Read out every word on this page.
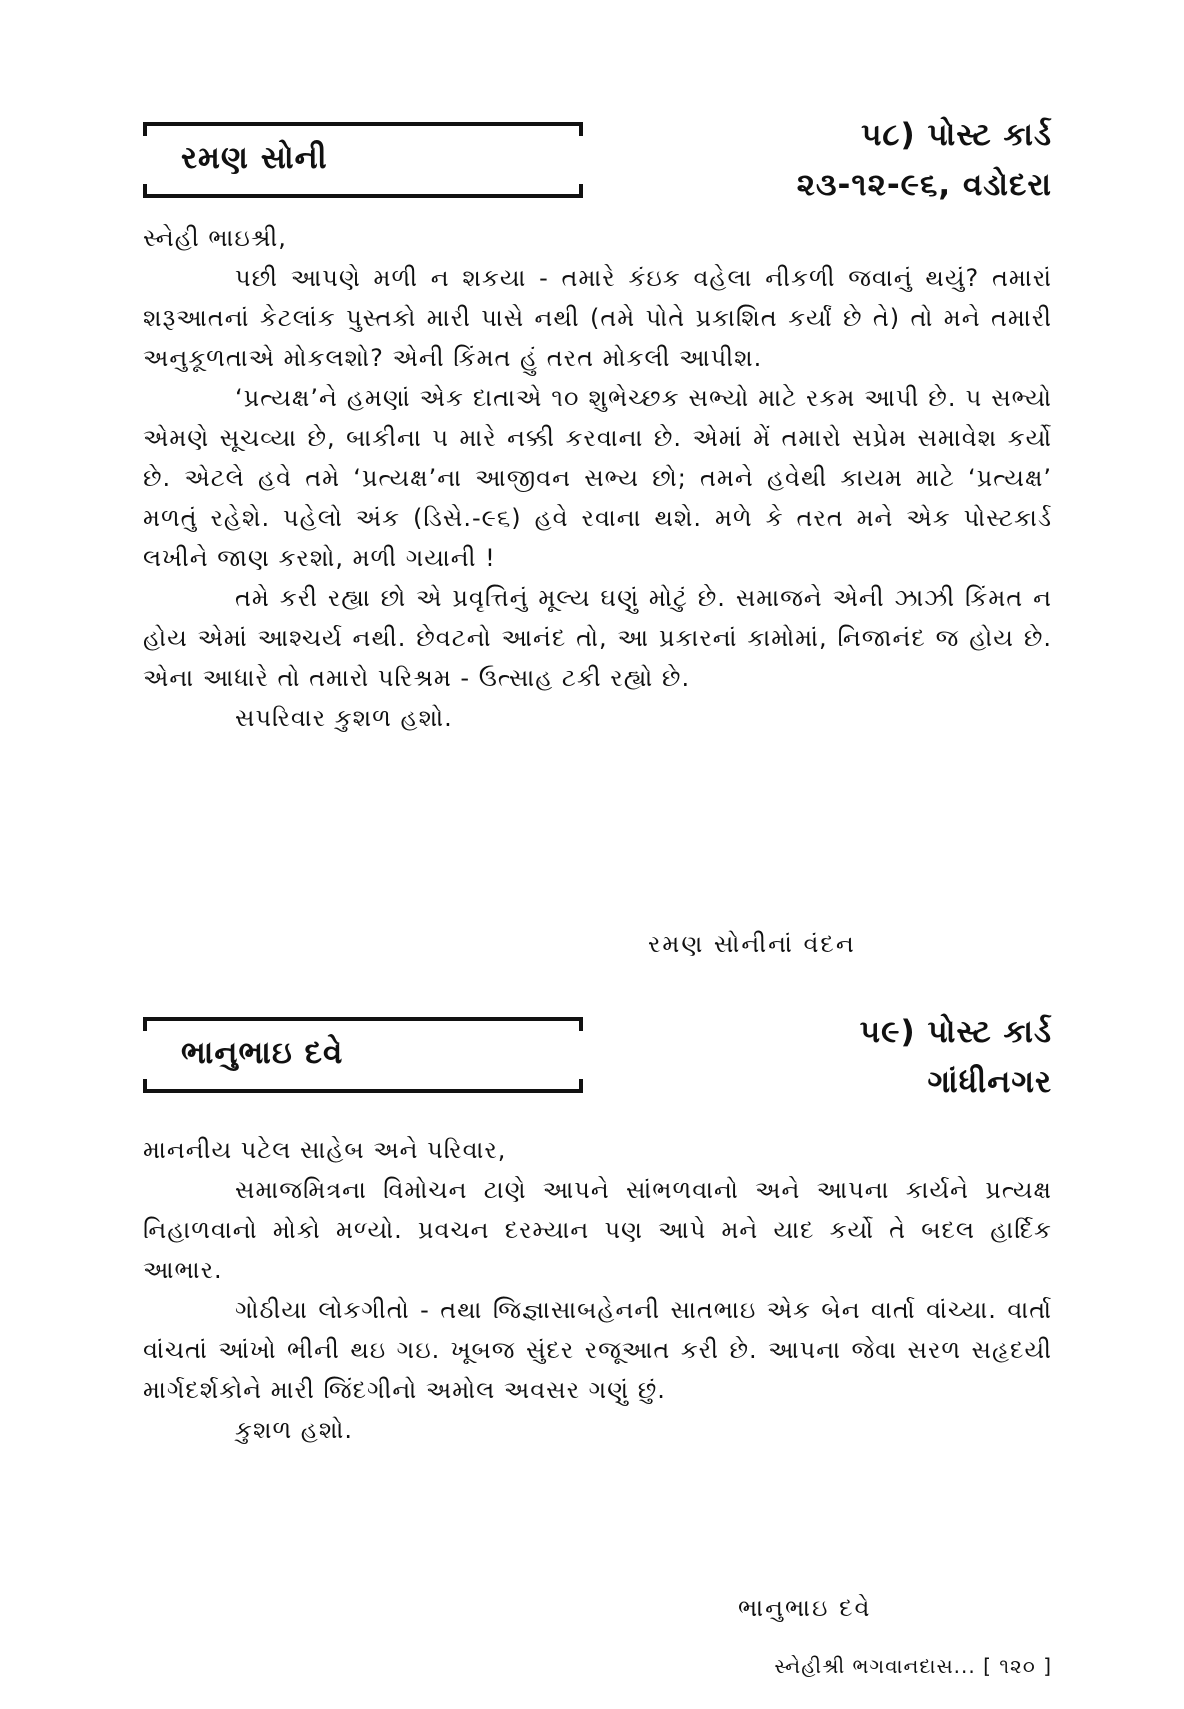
રમણ સોની
૫૮) પોસ્ટ કાર્ડ
૨૩-૧૨-૯૬, વડોદરા

સ્નેહી ભાઇશ્રી,

પછી આપણે મળી ન શકયા - તમારે કંઇક વહેલા નીકળી જવાનું થયું? તમારાં શરૂઆતનાં કેટલાંક પુસ્તકો મારી પાસે નથી (તમે પોતે પ્રકાશિત કર્યાં છે તે) તો મને તમારી અનુકૂળતાએ મોકલશો? એની કિંમત હું તરત મોકલી આપીશ.

‘પ્રત્યક્ષ’ને હમણાં એક દાતાએ ૧૦ શુભેચ્છક સભ્યો માટે રકમ આપી છે. ૫ સભ્યો એમણે સૂચવ્યા છે, બાકીના ૫ મારે નક્કી કરવાના છે. એમાં મેં તમારો સપ્રેમ સમાવેશ કર્યો છે. એટલે હવે તમે ‘પ્રત્યક્ષ’ના આજીવન સભ્ય છો; તમને હવેથી કાયમ માટે ‘પ્રત્યક્ષ’ મળતું રહેશે. પહેલો અંક (ડિસે.-૯૬) હવે રવાના થશે. મળે કે તરત મને એક પોસ્ટકાર્ડ લખીને જાણ કરશો, મળી ગયાની !

તમે કરી રહ્યા છો એ પ્રવૃત્તિનું મૂલ્ય ઘણું મોટું છે. સમાજને એની ઝાઝી કિંમત ન હોય એમાં આશ્ચર્ય નથી. છેવટનો આનંદ તો, આ પ્રકારનાં કામોમાં, નિજાનંદ જ હોય છે. એના આધારે તો તમારો પરિશ્રમ - ઉત્સાહ ટકી રહ્યો છે.

સપરિવાર કુશળ હશો.

રમણ સોનીનાં વંદન
ભાનુભાઇ દવે
૫૯) પોસ્ટ કાર્ડ
ગાંધીનગર

માનનીય પટેલ સાહેબ અને પરિવાર,

સમાજમિત્રના વિમોચન ટાણે આપને સાંભળવાનો અને આપના કાર્યને પ્રત્યક્ષ નિહાળવાનો મોકો મળ્યો. પ્રવચન દરમ્યાન પણ આપે મને યાદ કર્યો તે બદલ હાર્દિક આભાર.

ગોઠીયા લોકગીતો - તથા જિજ્ઞાસાબહેનની સાતભાઇ એક બેન વાર્તા વાંચ્યા. વાર્તા વાંચતાં આંખો ભીની થઇ ગઇ. ખૂબજ સુંદર રજૂઆત કરી છે. આપના જેવા સરળ સહૃદયી માર્ગદર્શકોને મારી જિંદગીનો અમોલ અવસર ગણું છું.

કુશળ હશો.

ભાનુભાઇ દવે
સ્નેહીશ્રી ભગવાનદાસ... [ ૧૨૦ ]
